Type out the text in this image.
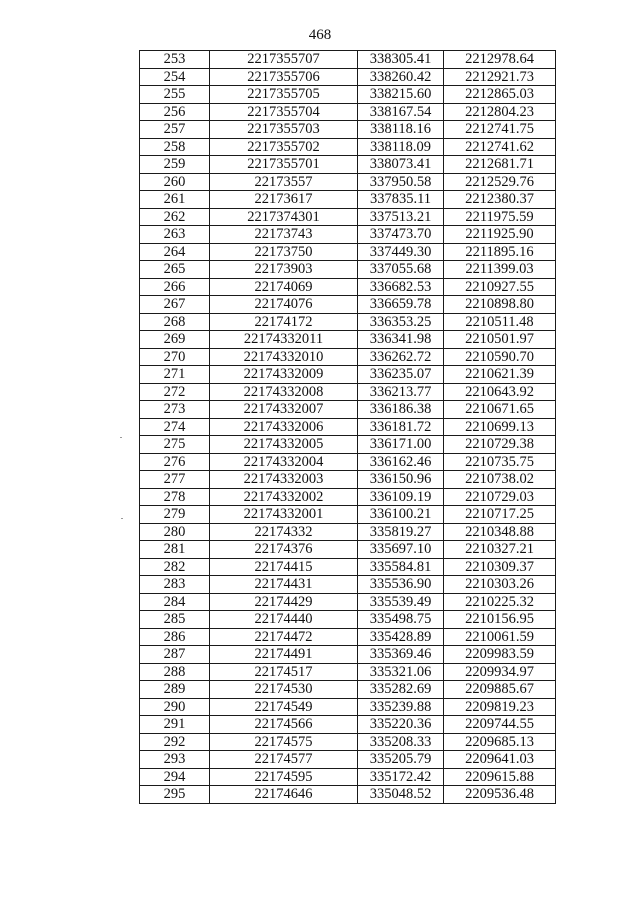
468
253	2217355707	338305.41	2212978.64
254	2217355706	338260.42	2212921.73
255	2217355705	338215.60	2212865.03
256	2217355704	338167.54	2212804.23
257	2217355703	338118.16	2212741.75
258	2217355702	338118.09	2212741.62
259	2217355701	338073.41	2212681.71
260	22173557	337950.58	2212529.76
261	22173617	337835.11	2212380.37
262	2217374301	337513.21	2211975.59
263	22173743	337473.70	2211925.90
264	22173750	337449.30	2211895.16
265	22173903	337055.68	2211399.03
266	22174069	336682.53	2210927.55
267	22174076	336659.78	2210898.80
268	22174172	336353.25	2210511.48
269	22174332011	336341.98	2210501.97
270	22174332010	336262.72	2210590.70
271	22174332009	336235.07	2210621.39
272	22174332008	336213.77	2210643.92
273	22174332007	336186.38	2210671.65
274	22174332006	336181.72	2210699.13
275	22174332005	336171.00	2210729.38
276	22174332004	336162.46	2210735.75
277	22174332003	336150.96	2210738.02
278	22174332002	336109.19	2210729.03
279	22174332001	336100.21	2210717.25
280	22174332	335819.27	2210348.88
281	22174376	335697.10	2210327.21
282	22174415	335584.81	2210309.37
283	22174431	335536.90	2210303.26
284	22174429	335539.49	2210225.32
285	22174440	335498.75	2210156.95
286	22174472	335428.89	2210061.59
287	22174491	335369.46	2209983.59
288	22174517	335321.06	2209934.97
289	22174530	335282.69	2209885.67
290	22174549	335239.88	2209819.23
291	22174566	335220.36	2209744.55
292	22174575	335208.33	2209685.13
293	22174577	335205.79	2209641.03
294	22174595	335172.42	2209615.88
295	22174646	335048.52	2209536.48
